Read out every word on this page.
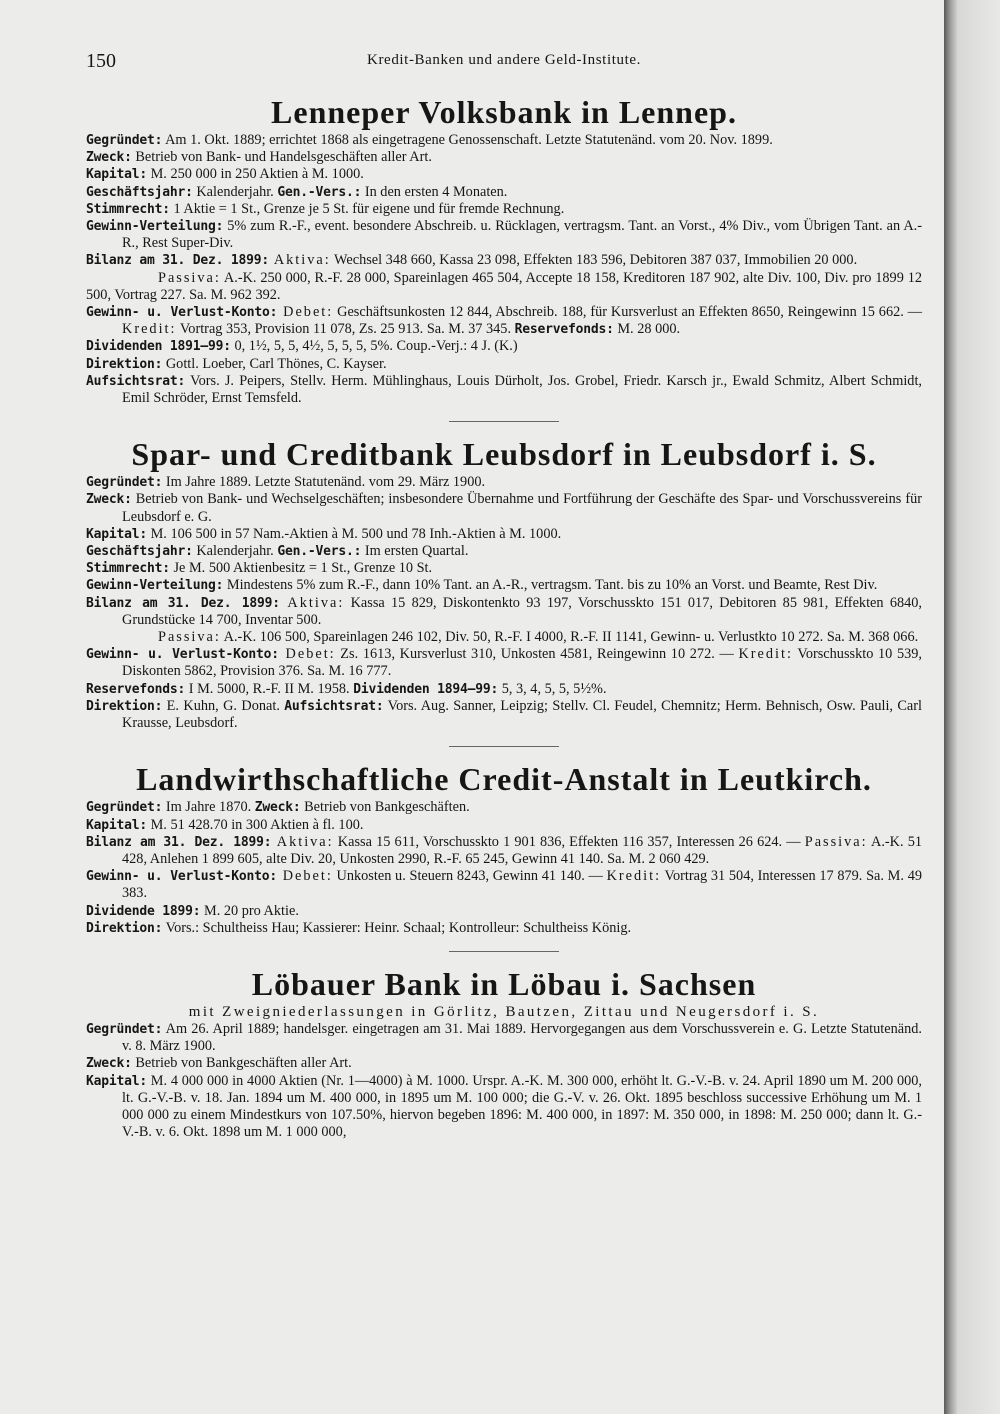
150	Kredit-Banken und andere Geld-Institute.
Lenneper Volksbank in Lennep.

Gegründet: Am 1. Okt. 1889; errichtet 1868 als eingetragene Genossenschaft. Letzte Statutenänd. vom 20. Nov. 1899.

Zweck: Betrieb von Bank- und Handelsgeschäften aller Art.

Kapital: M. 250 000 in 250 Aktien à M. 1000.

Geschäftsjahr: Kalenderjahr. Gen.-Vers.: In den ersten 4 Monaten.

Stimmrecht: 1 Aktie = 1 St., Grenze je 5 St. für eigene und für fremde Rechnung.

Gewinn-Verteilung: 5% zum R.-F., event. besondere Abschreib. u. Rücklagen, vertragsm. Tant. an Vorst., 4% Div., vom Übrigen Tant. an A.-R., Rest Super-Div.

Bilanz am 31. Dez. 1899: Aktiva: Wechsel 348 660, Kassa 23 098, Effekten 183 596, Debitoren 387 037, Immobilien 20 000.

Passiva: A.-K. 250 000, R.-F. 28 000, Spareinlagen 465 504, Accepte 18 158, Kreditoren 187 902, alte Div. 100, Div. pro 1899 12 500, Vortrag 227. Sa. M. 962 392.

Gewinn- u. Verlust-Konto: Debet: Geschäftsunkosten 12 844, Abschreib. 188, für Kursverlust an Effekten 8650, Reingewinn 15 662. — Kredit: Vortrag 353, Provision 11 078, Zs. 25 913. Sa. M. 37 345. Reservefonds: M. 28 000.

Dividenden 1891—99: 0, 1½, 5, 5, 4½, 5, 5, 5, 5%. Coup.-Verj.: 4 J. (K.)

Direktion: Gottl. Loeber, Carl Thönes, C. Kayser.

Aufsichtsrat: Vors. J. Peipers, Stellv. Herm. Mühlinghaus, Louis Dürholt, Jos. Grobel, Friedr. Karsch jr., Ewald Schmitz, Albert Schmidt, Emil Schröder, Ernst Temsfeld.

Spar- und Creditbank Leubsdorf in Leubsdorf i. S.

Gegründet: Im Jahre 1889. Letzte Statutenänd. vom 29. März 1900.

Zweck: Betrieb von Bank- und Wechselgeschäften; insbesondere Übernahme und Fortführung der Geschäfte des Spar- und Vorschussvereins für Leubsdorf e. G.

Kapital: M. 106 500 in 57 Nam.-Aktien à M. 500 und 78 Inh.-Aktien à M. 1000.

Geschäftsjahr: Kalenderjahr. Gen.-Vers.: Im ersten Quartal.

Stimmrecht: Je M. 500 Aktienbesitz = 1 St., Grenze 10 St.

Gewinn-Verteilung: Mindestens 5% zum R.-F., dann 10% Tant. an A.-R., vertragsm. Tant. bis zu 10% an Vorst. und Beamte, Rest Div.

Bilanz am 31. Dez. 1899: Aktiva: Kassa 15 829, Diskontenkto 93 197, Vorschusskto 151 017, Debitoren 85 981, Effekten 6840, Grundstücke 14 700, Inventar 500.

Passiva: A.-K. 106 500, Spareinlagen 246 102, Div. 50, R.-F. I 4000, R.-F. II 1141, Gewinn- u. Verlustkto 10 272. Sa. M. 368 066.

Gewinn- u. Verlust-Konto: Debet: Zs. 1613, Kursverlust 310, Unkosten 4581, Reingewinn 10 272. — Kredit: Vorschusskto 10 539, Diskonten 5862, Provision 376. Sa. M. 16 777.

Reservefonds: I M. 5000, R.-F. II M. 1958. Dividenden 1894—99: 5, 3, 4, 5, 5, 5½%.

Direktion: E. Kuhn, G. Donat. Aufsichtsrat: Vors. Aug. Sanner, Leipzig; Stellv. Cl. Feudel, Chemnitz; Herm. Behnisch, Osw. Pauli, Carl Krausse, Leubsdorf.

Landwirthschaftliche Credit-Anstalt in Leutkirch.

Gegründet: Im Jahre 1870. Zweck: Betrieb von Bankgeschäften.

Kapital: M. 51 428.70 in 300 Aktien à fl. 100.

Bilanz am 31. Dez. 1899: Aktiva: Kassa 15 611, Vorschusskto 1 901 836, Effekten 116 357, Interessen 26 624. — Passiva: A.-K. 51 428, Anlehen 1 899 605, alte Div. 20, Unkosten 2990, R.-F. 65 245, Gewinn 41 140. Sa. M. 2 060 429.

Gewinn- u. Verlust-Konto: Debet: Unkosten u. Steuern 8243, Gewinn 41 140. — Kredit: Vortrag 31 504, Interessen 17 879. Sa. M. 49 383.

Dividende 1899: M. 20 pro Aktie.

Direktion: Vors.: Schultheiss Hau; Kassierer: Heinr. Schaal; Kontrolleur: Schultheiss König.

Löbauer Bank in Löbau i. Sachsen
mit Zweigniederlassungen in Görlitz, Bautzen, Zittau und Neugersdorf i. S.

Gegründet: Am 26. April 1889; handelsger. eingetragen am 31. Mai 1889. Hervorgegangen aus dem Vorschussverein e. G. Letzte Statutenänd. v. 8. März 1900.

Zweck: Betrieb von Bankgeschäften aller Art.

Kapital: M. 4 000 000 in 4000 Aktien (Nr. 1—4000) à M. 1000. Urspr. A.-K. M. 300 000, erhöht lt. G.-V.-B. v. 24. April 1890 um M. 200 000, lt. G.-V.-B. v. 18. Jan. 1894 um M. 400 000, in 1895 um M. 100 000; die G.-V. v. 26. Okt. 1895 beschloss successive Erhöhung um M. 1 000 000 zu einem Mindestkurs von 107.50%, hiervon begeben 1896: M. 400 000, in 1897: M. 350 000, in 1898: M. 250 000; dann lt. G.-V.-B. v. 6. Okt. 1898 um M. 1 000 000,
